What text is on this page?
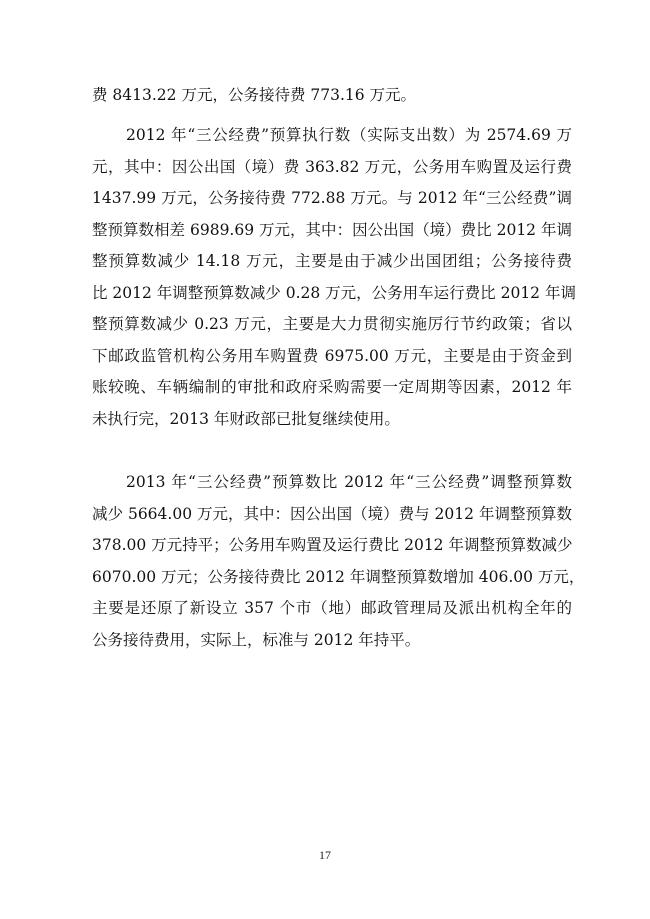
费 8413.22 万元，公务接待费 773.16 万元。
2012 年“三公经费”预算执行数（实际支出数）为 2574.69 万
元，其中：因公出国（境）费 363.82 万元，公务用车购置及运行费
1437.99 万元，公务接待费 772.88 万元。与 2012 年“三公经费”调
整预算数相差 6989.69 万元，其中：因公出国（境）费比 2012 年调
整预算数减少 14.18 万元，主要是由于减少出国团组；公务接待费
比 2012 年调整预算数减少 0.28 万元，公务用车运行费比 2012 年调
整预算数减少 0.23 万元，主要是大力贯彻实施厉行节约政策；省以
下邮政监管机构公务用车购置费 6975.00 万元，主要是由于资金到
账较晚、车辆编制的审批和政府采购需要一定周期等因素，2012 年
未执行完，2013 年财政部已批复继续使用。
2013 年“三公经费”预算数比 2012 年“三公经费”调整预算数
减少 5664.00 万元，其中：因公出国（境）费与 2012 年调整预算数
378.00 万元持平；公务用车购置及运行费比 2012 年调整预算数减少
6070.00 万元；公务接待费比 2012 年调整预算数增加 406.00 万元，
主要是还原了新设立 357 个市（地）邮政管理局及派出机构全年的
公务接待费用，实际上，标准与 2012 年持平。
17
